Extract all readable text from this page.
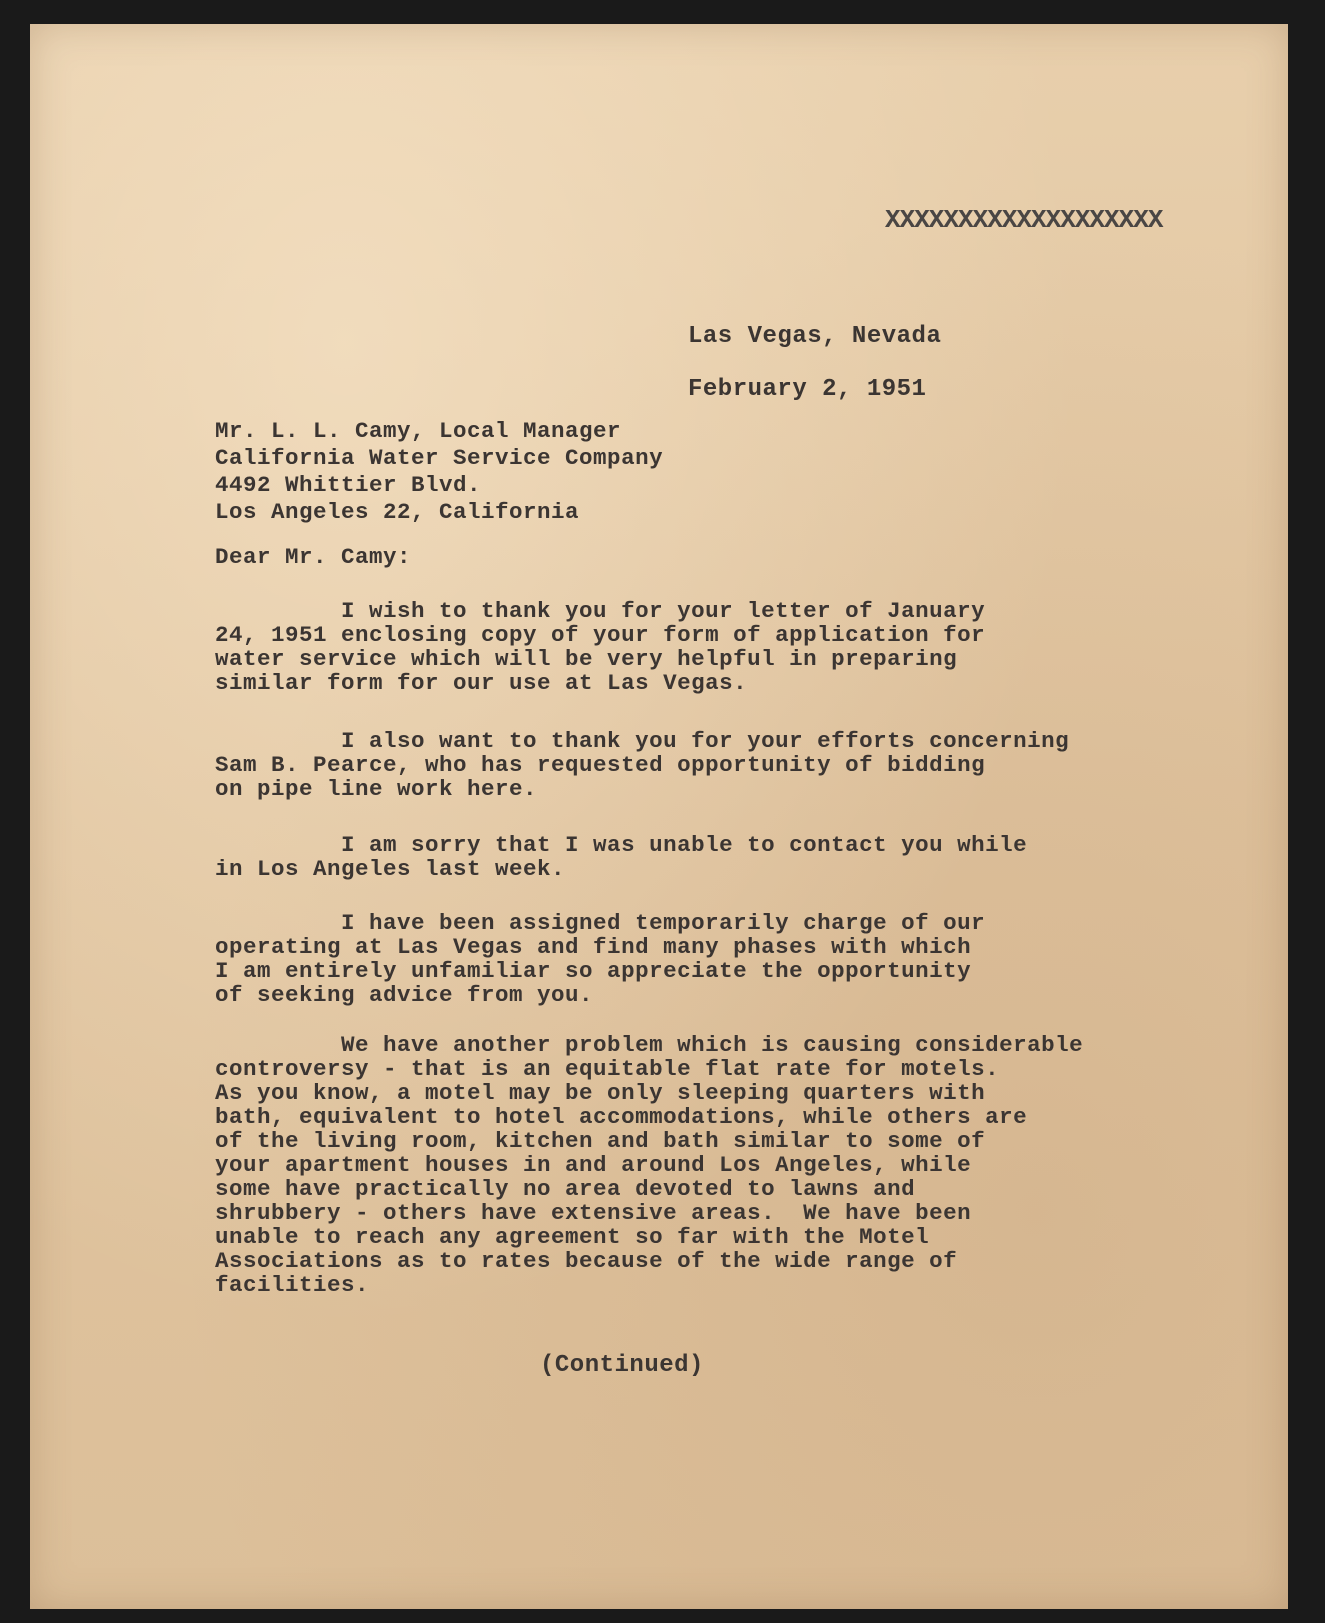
XXXXXXXXXXXXXXXXXXX

Las Vegas, Nevada

February 2, 1951

Mr. L. L. Camy, Local Manager

California Water Service Company

4492 Whittier Blvd.

Los Angeles 22, California

Dear Mr. Camy:

I wish to thank you for your letter of January

24, 1951 enclosing copy of your form of application for

water service which will be very helpful in preparing

similar form for our use at Las Vegas.

I also want to thank you for your efforts concerning

Sam B. Pearce, who has requested opportunity of bidding

on pipe line work here.

I am sorry that I was unable to contact you while

in Los Angeles last week.

I have been assigned temporarily charge of our

operating at Las Vegas and find many phases with which

I am entirely unfamiliar so appreciate the opportunity

of seeking advice from you.

We have another problem which is causing considerable

controversy - that is an equitable flat rate for motels.

As you know, a motel may be only sleeping quarters with

bath, equivalent to hotel accommodations, while others are

of the living room, kitchen and bath similar to some of

your apartment houses in and around Los Angeles, while

some have practically no area devoted to lawns and

shrubbery - others have extensive areas.  We have been

unable to reach any agreement so far with the Motel

Associations as to rates because of the wide range of

facilities.

(Continued)
